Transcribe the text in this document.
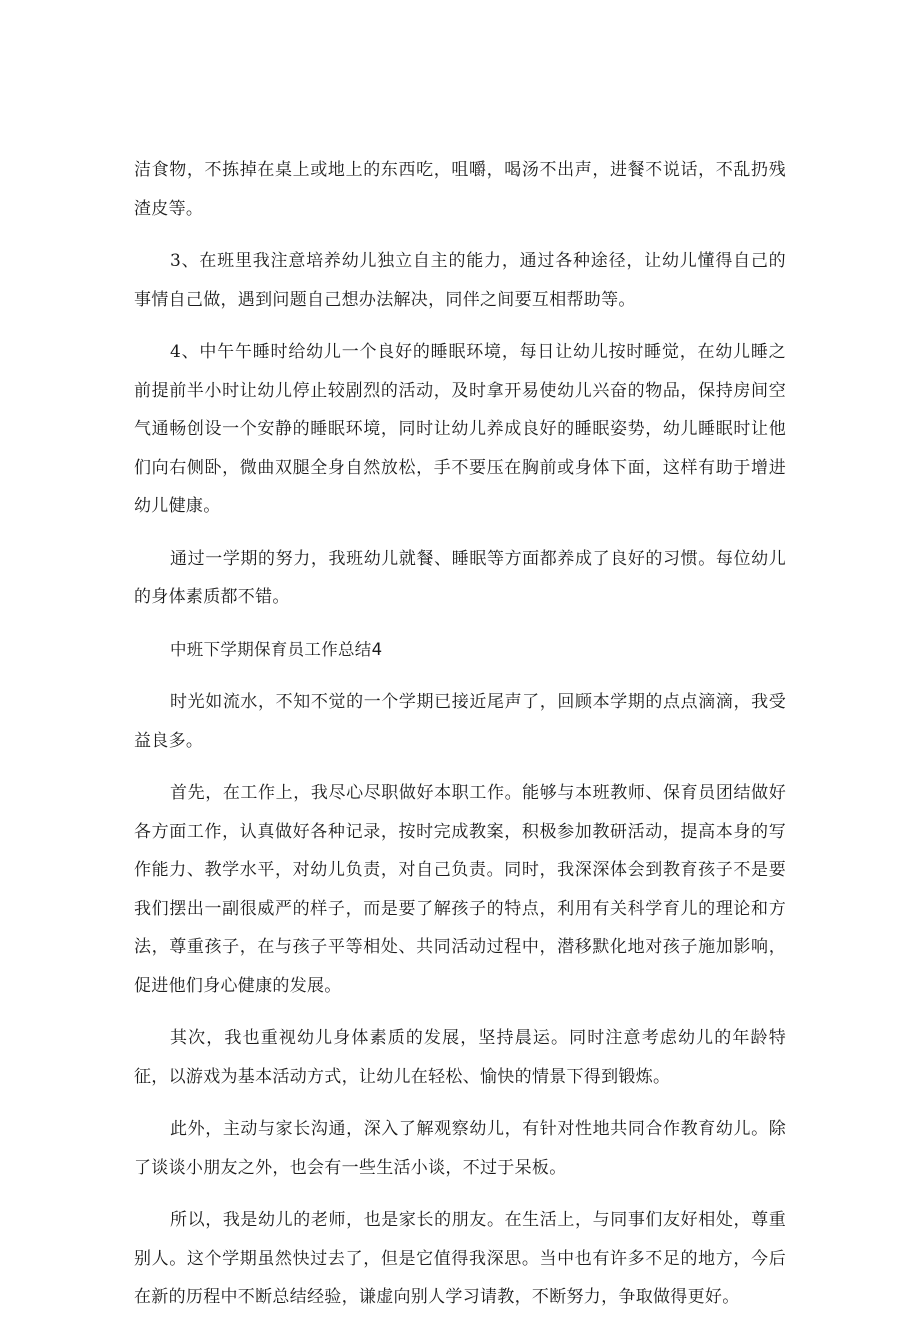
洁食物，不拣掉在桌上或地上的东西吃，咀嚼，喝汤不出声，进餐不说话，不乱扔残渣皮等。

3、在班里我注意培养幼儿独立自主的能力，通过各种途径，让幼儿懂得自己的事情自己做，遇到问题自己想办法解决，同伴之间要互相帮助等。

4、中午午睡时给幼儿一个良好的睡眠环境，每日让幼儿按时睡觉，在幼儿睡之前提前半小时让幼儿停止较剧烈的活动，及时拿开易使幼儿兴奋的物品，保持房间空气通畅创设一个安静的睡眠环境，同时让幼儿养成良好的睡眠姿势，幼儿睡眠时让他们向右侧卧，微曲双腿全身自然放松，手不要压在胸前或身体下面，这样有助于增进幼儿健康。

通过一学期的努力，我班幼儿就餐、睡眠等方面都养成了良好的习惯。每位幼儿的身体素质都不错。

中班下学期保育员工作总结4

时光如流水，不知不觉的一个学期已接近尾声了，回顾本学期的点点滴滴，我受益良多。

首先，在工作上，我尽心尽职做好本职工作。能够与本班教师、保育员团结做好各方面工作，认真做好各种记录，按时完成教案，积极参加教研活动，提高本身的写作能力、教学水平，对幼儿负责，对自己负责。同时，我深深体会到教育孩子不是要我们摆出一副很威严的样子，而是要了解孩子的特点，利用有关科学育儿的理论和方法，尊重孩子，在与孩子平等相处、共同活动过程中，潜移默化地对孩子施加影响，促进他们身心健康的发展。

其次，我也重视幼儿身体素质的发展，坚持晨运。同时注意考虑幼儿的年龄特征，以游戏为基本活动方式，让幼儿在轻松、愉快的情景下得到锻炼。

此外，主动与家长沟通，深入了解观察幼儿，有针对性地共同合作教育幼儿。除了谈谈小朋友之外，也会有一些生活小谈，不过于呆板。

所以，我是幼儿的老师，也是家长的朋友。在生活上，与同事们友好相处，尊重别人。这个学期虽然快过去了，但是它值得我深思。当中也有许多不足的地方，今后在新的历程中不断总结经验，谦虚向别人学习请教，不断努力，争取做得更好。
